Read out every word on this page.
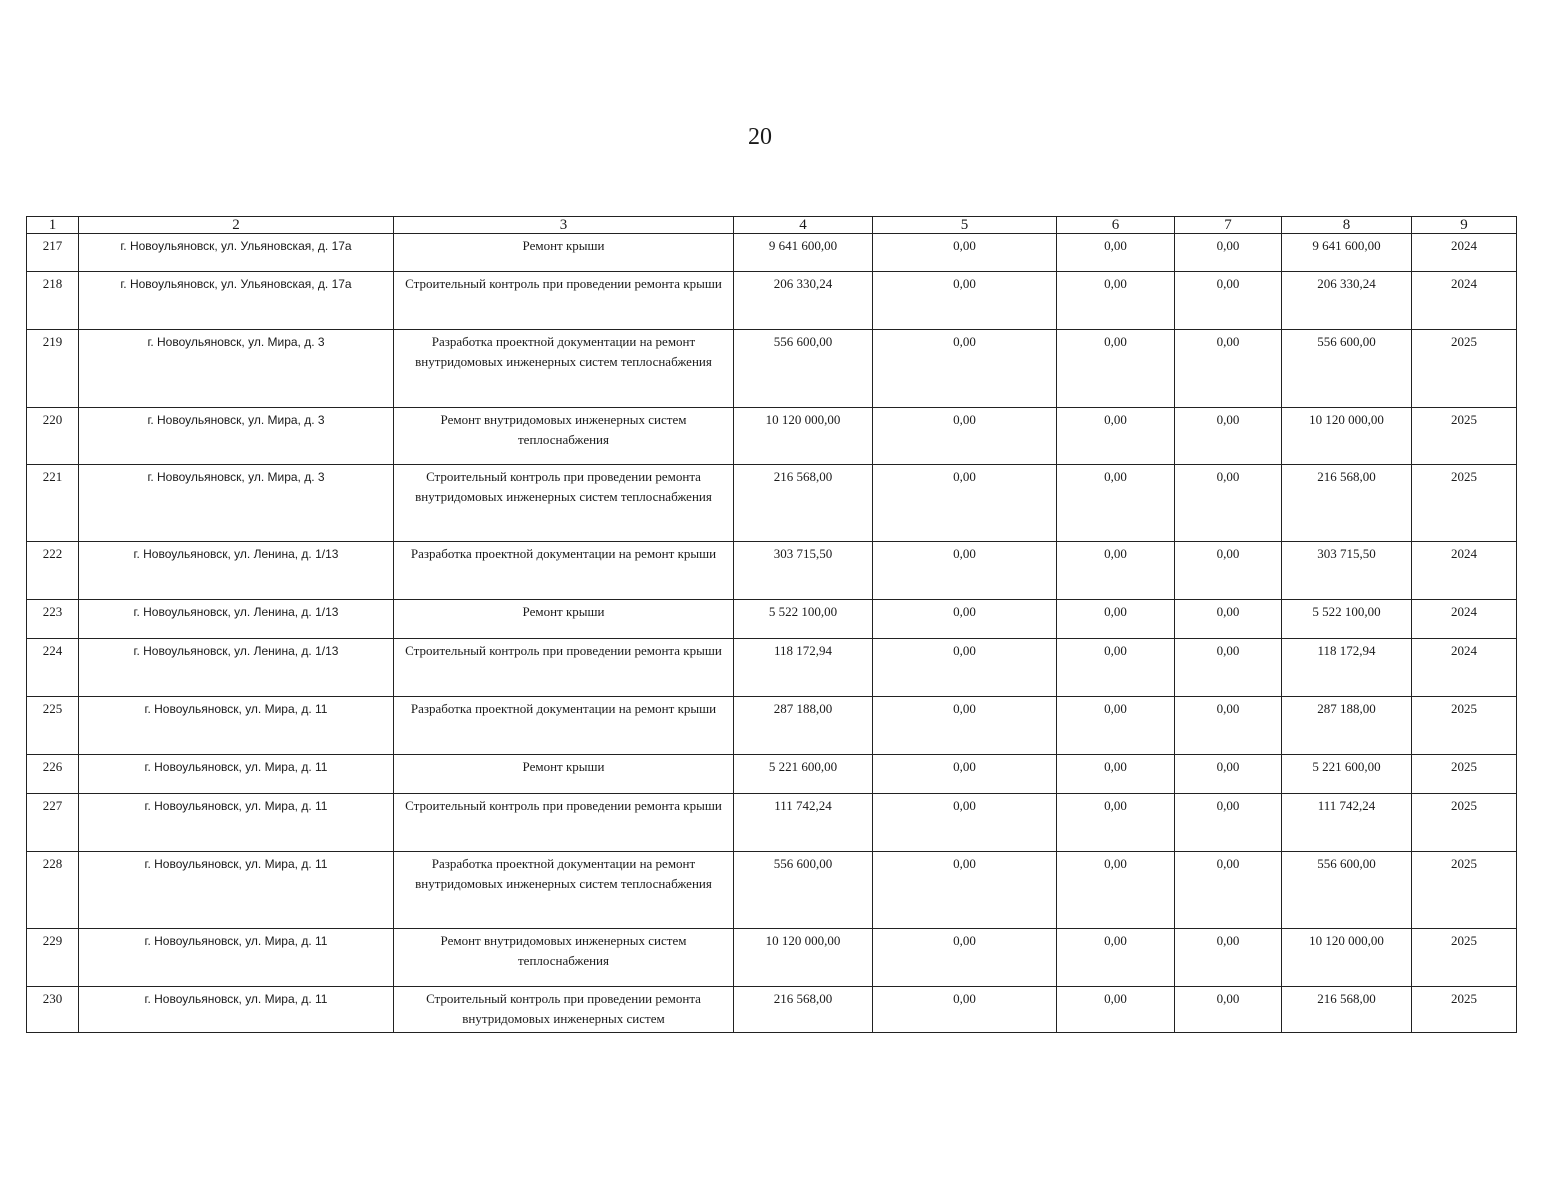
20
1	2	3	4	5	6	7	8	9
217	г. Новоульяновск, ул. Ульяновская, д. 17а	Ремонт крыши	9 641 600,00	0,00	0,00	0,00	9 641 600,00	2024
218	г. Новоульяновск, ул. Ульяновская, д. 17а	Строительный контроль при проведении ремонта крыши	206 330,24	0,00	0,00	0,00	206 330,24	2024
219	г. Новоульяновск, ул. Мира, д. 3	Разработка проектной документации на ремонт внутридомовых инженерных систем теплоснабжения	556 600,00	0,00	0,00	0,00	556 600,00	2025
220	г. Новоульяновск, ул. Мира, д. 3	Ремонт внутридомовых инженерных систем теплоснабжения	10 120 000,00	0,00	0,00	0,00	10 120 000,00	2025
221	г. Новоульяновск, ул. Мира, д. 3	Строительный контроль при проведении ремонта внутридомовых инженерных систем теплоснабжения	216 568,00	0,00	0,00	0,00	216 568,00	2025
222	г. Новоульяновск, ул. Ленина, д. 1/13	Разработка проектной документации на ремонт крыши	303 715,50	0,00	0,00	0,00	303 715,50	2024
223	г. Новоульяновск, ул. Ленина, д. 1/13	Ремонт крыши	5 522 100,00	0,00	0,00	0,00	5 522 100,00	2024
224	г. Новоульяновск, ул. Ленина, д. 1/13	Строительный контроль при проведении ремонта крыши	118 172,94	0,00	0,00	0,00	118 172,94	2024
225	г. Новоульяновск, ул. Мира, д. 11	Разработка проектной документации на ремонт крыши	287 188,00	0,00	0,00	0,00	287 188,00	2025
226	г. Новоульяновск, ул. Мира, д. 11	Ремонт крыши	5 221 600,00	0,00	0,00	0,00	5 221 600,00	2025
227	г. Новоульяновск, ул. Мира, д. 11	Строительный контроль при проведении ремонта крыши	111 742,24	0,00	0,00	0,00	111 742,24	2025
228	г. Новоульяновск, ул. Мира, д. 11	Разработка проектной документации на ремонт внутридомовых инженерных систем теплоснабжения	556 600,00	0,00	0,00	0,00	556 600,00	2025
229	г. Новоульяновск, ул. Мира, д. 11	Ремонт внутридомовых инженерных систем теплоснабжения	10 120 000,00	0,00	0,00	0,00	10 120 000,00	2025
230	г. Новоульяновск, ул. Мира, д. 11	Строительный контроль при проведении ремонта внутридомовых инженерных систем	216 568,00	0,00	0,00	0,00	216 568,00	2025
